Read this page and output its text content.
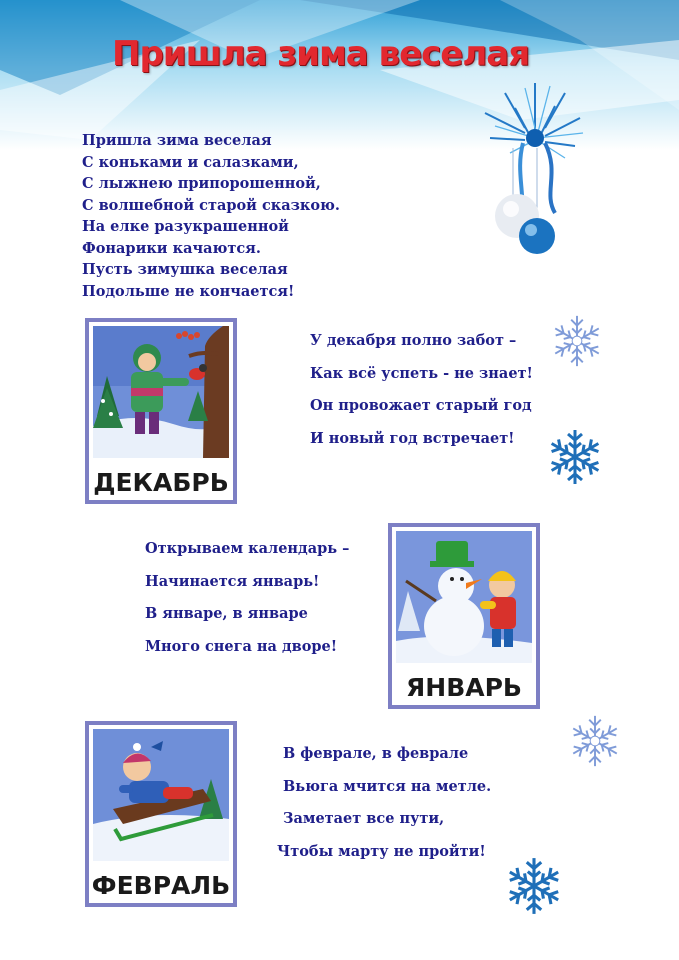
Пришла зима веселая
Пришла зима веселая
С коньками и салазками,
С лыжнею припорошенной,
С волшебной старой сказкою.
На елке разукрашенной
Фонарики качаются.
Пусть зимушка веселая
Подольше не кончается!
ДЕКАБРЬ
У декабря полно забот –
Как всё успеть - не знает!
Он провожает старый год
И новый год встречает!
Открываем календарь –
Начинается январь!
В январе, в январе
Много снега на дворе!
ЯНВАРЬ
ФЕВРАЛЬ
В феврале, в феврале
Вьюга мчится на метле.
Заметает все пути,
Чтобы марту не пройти!
